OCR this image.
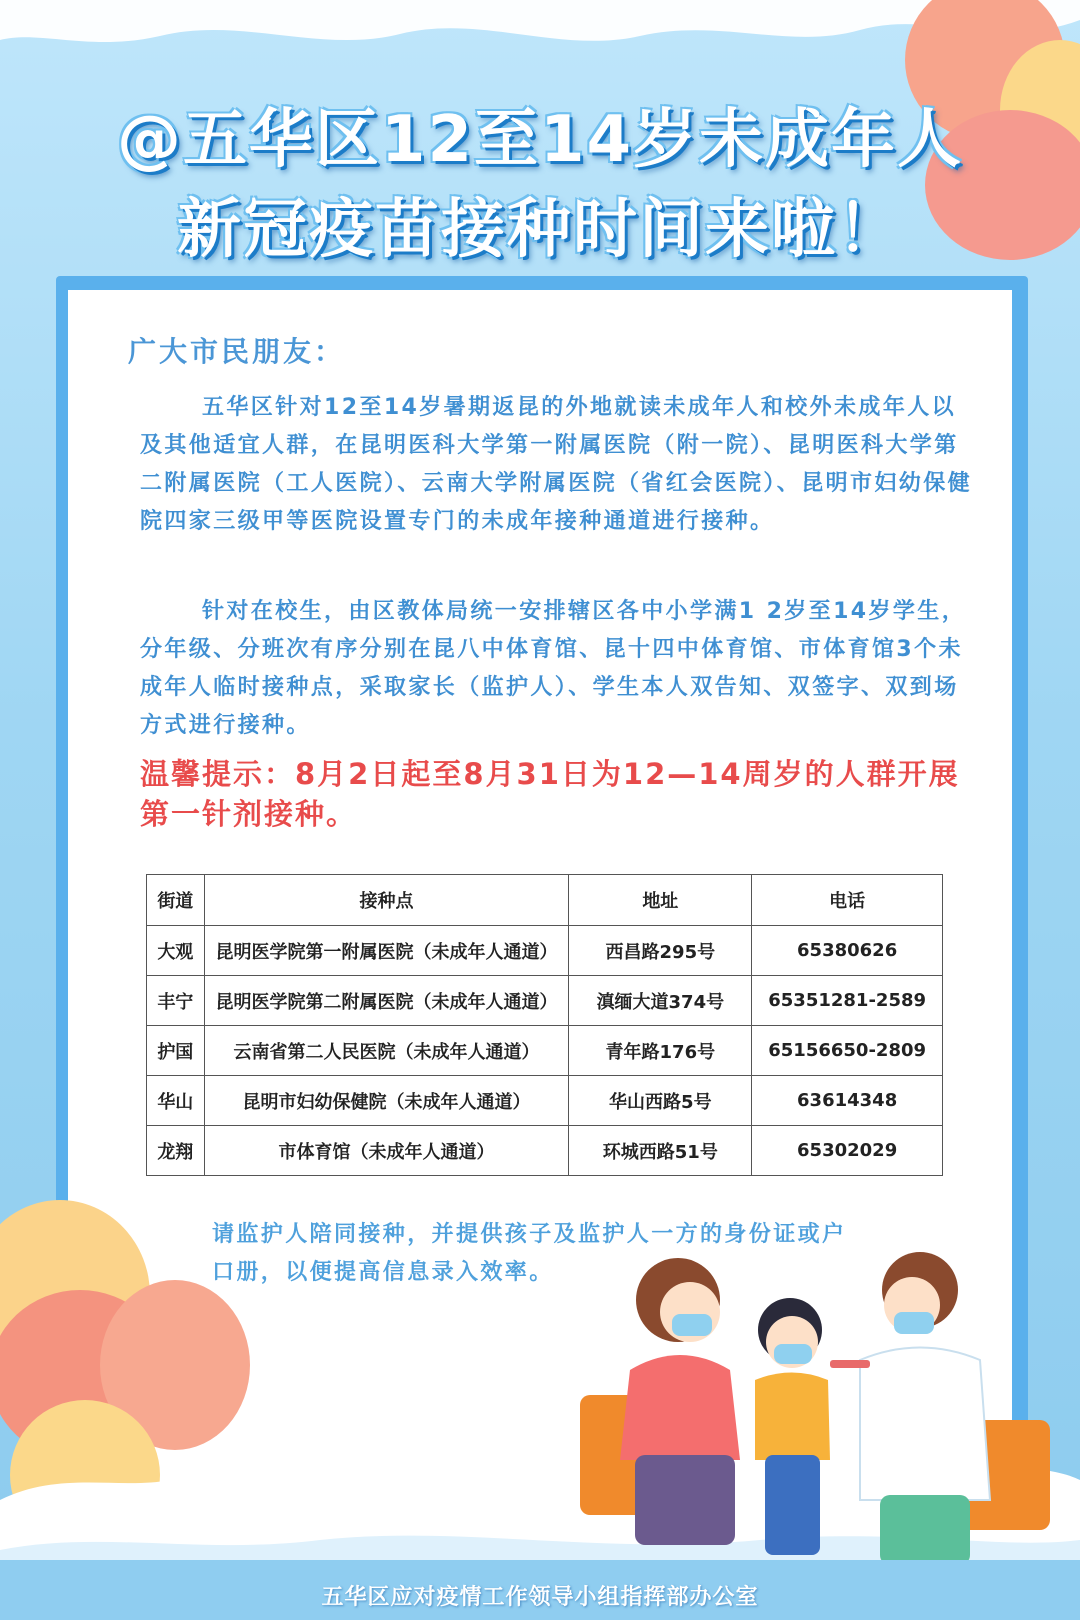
@五华区12至14岁未成年人
新冠疫苗接种时间来啦！
广大市民朋友：

五华区针对12至14岁暑期返昆的外地就读未成年人和校外未成年人以及其他适宜人群，在昆明医科大学第一附属医院（附一院）、昆明医科大学第二附属医院（工人医院）、云南大学附属医院（省红会医院）、昆明市妇幼保健院四家三级甲等医院设置专门的未成年接种通道进行接种。

针对在校生，由区教体局统一安排辖区各中小学满1 2岁至14岁学生，分年级、分班次有序分别在昆八中体育馆、昆十四中体育馆、市体育馆3个未成年人临时接种点，采取家长（监护人）、学生本人双告知、双签字、双到场方式进行接种。

温馨提示：8月2日起至8月31日为12—14周岁的人群开展第一针剂接种。

街道	接种点	地址	电话
大观	昆明医学院第一附属医院（未成年人通道）	西昌路295号	65380626
丰宁	昆明医学院第二附属医院（未成年人通道）	滇缅大道374号	65351281-2589
护国	云南省第二人民医院（未成年人通道）	青年路176号	65156650-2809
华山	昆明市妇幼保健院（未成年人通道）	华山西路5号	63614348
龙翔	市体育馆（未成年人通道）	环城西路51号	65302029

请监护人陪同接种，并提供孩子及监护人一方的身份证或户口册，以便提高信息录入效率。

五华区应对疫情工作领导小组指挥部办公室
